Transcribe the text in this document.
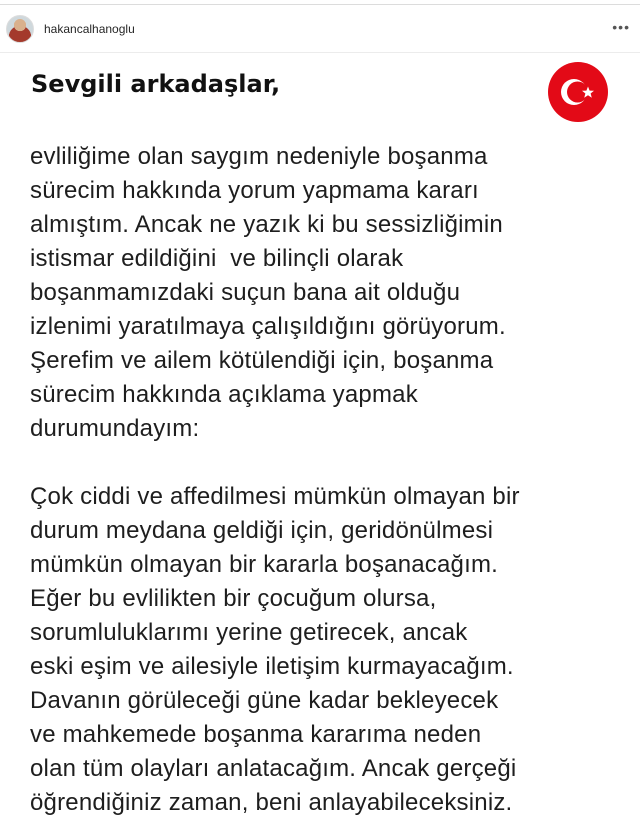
hakancalhanoglu	•••
Sevgili arkadaşlar,

evliliğime olan saygım nedeniyle boşanma

sürecim hakkında yorum yapmama kararı

almıştım. Ancak ne yazık ki bu sessizliğimin

istismar edildiğini  ve bilinçli olarak

boşanmamızdaki suçun bana ait olduğu

izlenimi yaratılmaya çalışıldığını görüyorum.

Şerefim ve ailem kötülendiği için, boşanma

sürecim hakkında açıklama yapmak

durumundayım:

Çok ciddi ve affedilmesi mümkün olmayan bir

durum meydana geldiği için, geridönülmesi

mümkün olmayan bir kararla boşanacağım.

Eğer bu evlilikten bir çocuğum olursa,

sorumluluklarımı yerine getirecek, ancak

eski eşim ve ailesiyle iletişim kurmayacağım.

Davanın görüleceği güne kadar bekleyecek

ve mahkemede boşanma kararıma neden

olan tüm olayları anlatacağım. Ancak gerçeği

öğrendiğiniz zaman, beni anlayabileceksiniz.
